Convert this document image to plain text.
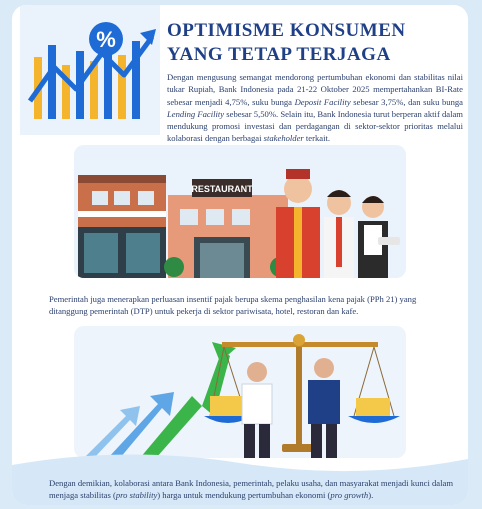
%	OPTIMISME KONSUMEN
YANG TETAP TERJAGA
Dengan mengusung semangat mendorong pertumbuhan ekonomi dan stabilitas nilai tukar Rupiah, Bank Indonesia pada 21-22 Oktober 2025 mempertahankan BI-Rate sebesar menjadi 4,75%, suku bunga Deposit Facility sebesar 3,75%, dan suku bunga Lending Facility sebesar 5,50%. Selain itu, Bank Indonesia turut berperan aktif dalam mendukung promosi investasi dan perdagangan di sektor-sektor prioritas melalui kolaborasi dengan berbagai stakeholder terkait.
RESTAURANT
Pemerintah juga menerapkan perluasan insentif pajak berupa skema penghasilan kena pajak (PPh 21) yang ditanggung pemerintah (DTP) untuk pekerja di sektor pariwisata, hotel, restoran dan kafe.
Dengan demikian, kolaborasi antara Bank Indonesia, pemerintah, pelaku usaha, dan masyarakat menjadi kunci dalam menjaga stabilitas (pro stability) harga untuk mendukung pertumbuhan ekonomi (pro growth).
